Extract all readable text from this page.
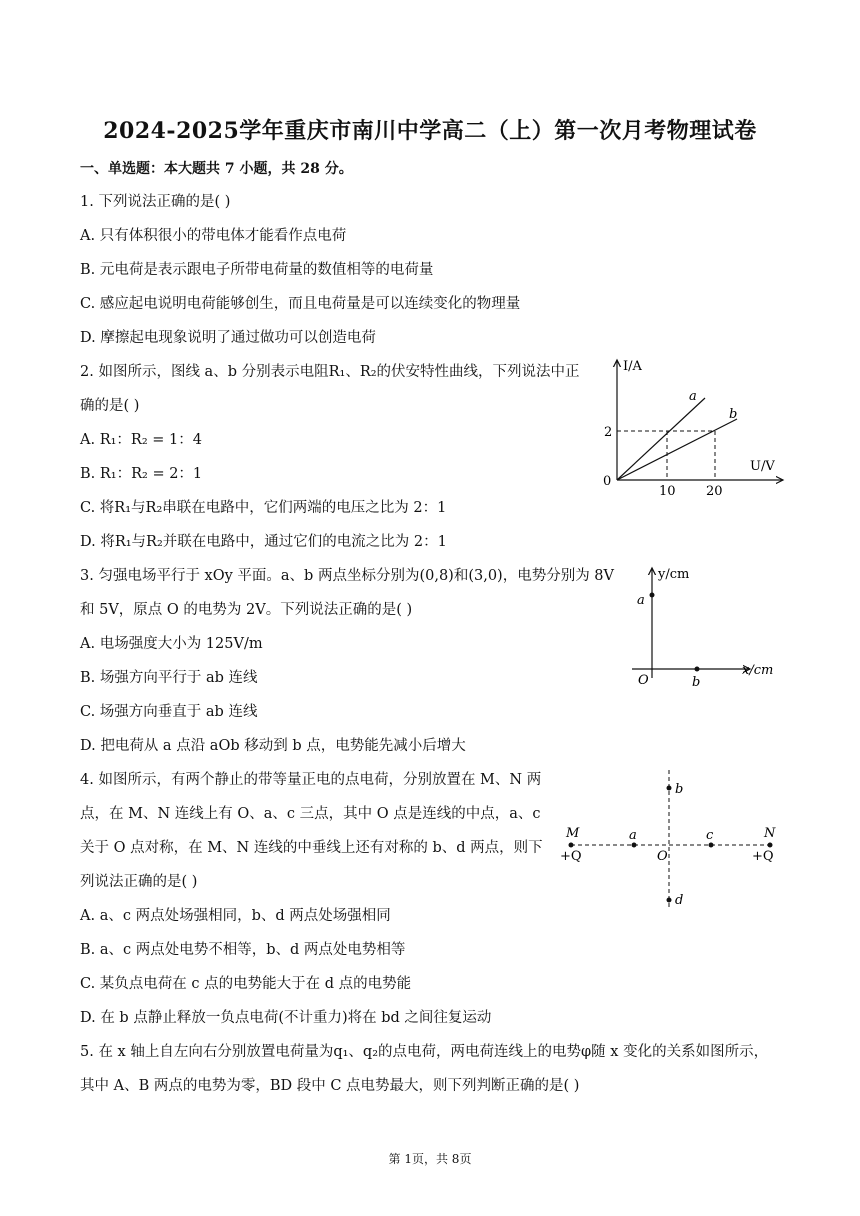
2024-2025学年重庆市南川中学高二（上）第一次月考物理试卷
一、单选题：本大题共 7 小题，共 28 分。
1. 下列说法正确的是( )
A. 只有体积很小的带电体才能看作点电荷
B. 元电荷是表示跟电子所带电荷量的数值相等的电荷量
C. 感应起电说明电荷能够创生，而且电荷量是可以连续变化的物理量
D. 摩擦起电现象说明了通过做功可以创造电荷
2. 如图所示，图线 a、b 分别表示电阻R₁、R₂的伏安特性曲线，下列说法中正
确的是( )
A. R₁：R₂ = 1：4
B. R₁：R₂ = 2：1
C. 将R₁与R₂串联在电路中，它们两端的电压之比为 2：1
D. 将R₁与R₂并联在电路中，通过它们的电流之比为 2：1
I/A
U/V
0
10 20
2
a
b
3. 匀强电场平行于 xOy 平面。a、b 两点坐标分别为(0,8)和(3,0)，电势分别为 8V
和 5V，原点 O 的电势为 2V。下列说法正确的是( )
A. 电场强度大小为 125V/m
B. 场强方向平行于 ab 连线
C. 场强方向垂直于 ab 连线
D. 把电荷从 a 点沿 aOb 移动到 b 点，电势能先减小后增大
y/cm
x/cm
O
a
b
4. 如图所示，有两个静止的带等量正电的点电荷，分别放置在 M、N 两
点，在 M、N 连线上有 O、a、c 三点，其中 O 点是连线的中点，a、c
关于 O 点对称，在 M、N 连线的中垂线上还有对称的 b、d 两点，则下
列说法正确的是( )
A. a、c 两点处场强相同，b、d 两点处场强相同
B. a、c 两点处电势不相等，b、d 两点处电势相等
C. 某负点电荷在 c 点的电势能大于在 d 点的电势能
D. 在 b 点静止释放一负点电荷(不计重力)将在 bd 之间往复运动
M	N
+Q	+Q
a	c
O
b
d
5. 在 x 轴上自左向右分别放置电荷量为q₁、q₂的点电荷，两电荷连线上的电势φ随 x 变化的关系如图所示，
其中 A、B 两点的电势为零，BD 段中 C 点电势最大，则下列判断正确的是( )
第 1页，共 8页
